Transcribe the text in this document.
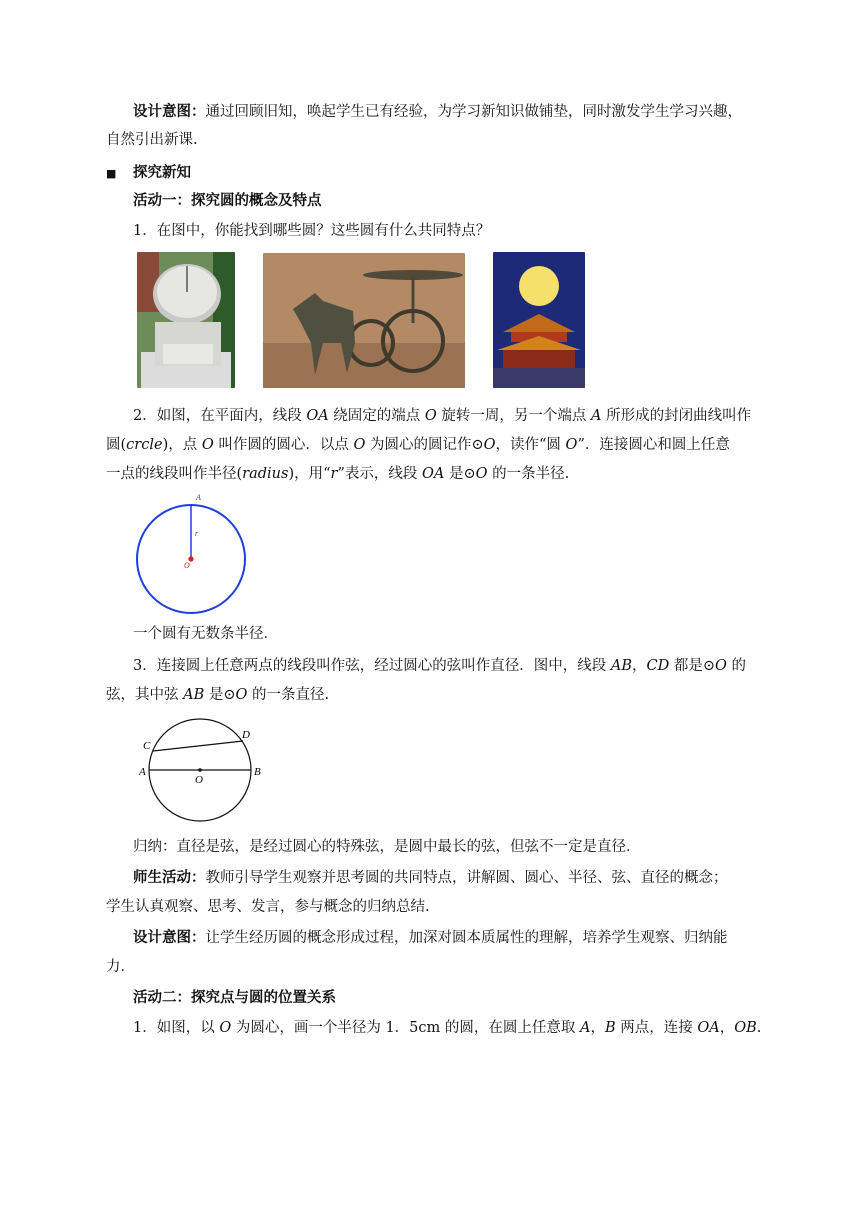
设计意图：通过回顾旧知，唤起学生已有经验，为学习新知识做铺垫，同时激发学生学习兴趣，
自然引出新课.
■ 探究新知
活动一：探究圆的概念及特点
1．在图中，你能找到哪些圆？这些圆有什么共同特点？
2．如图，在平面内，线段 OA 绕固定的端点 O 旋转一周，另一个端点 A 所形成的封闭曲线叫作
圆(crcle)，点 O 叫作圆的圆心．以点 O 为圆心的圆记作⊙O，读作“圆 O”．连接圆心和圆上任意
一点的线段叫作半径(radius)，用“r”表示，线段 OA 是⊙O 的一条半径.
A
r
O
一个圆有无数条半径．
3．连接圆上任意两点的线段叫作弦，经过圆心的弦叫作直径．图中，线段 AB，CD 都是⊙O 的
弦，其中弦 AB 是⊙O 的一条直径.
C
D
A
O
B
归纳：直径是弦，是经过圆心的特殊弦，是圆中最长的弦，但弦不一定是直径．
师生活动：教师引导学生观察并思考圆的共同特点，讲解圆、圆心、半径、弦、直径的概念；
学生认真观察、思考、发言，参与概念的归纳总结.
设计意图：让学生经历圆的概念形成过程，加深对圆本质属性的理解，培养学生观察、归纳能
力．
活动二：探究点与圆的位置关系
1．如图，以 O 为圆心，画一个半径为 1．5cm 的圆，在圆上任意取 A，B 两点，连接 OA，OB.
